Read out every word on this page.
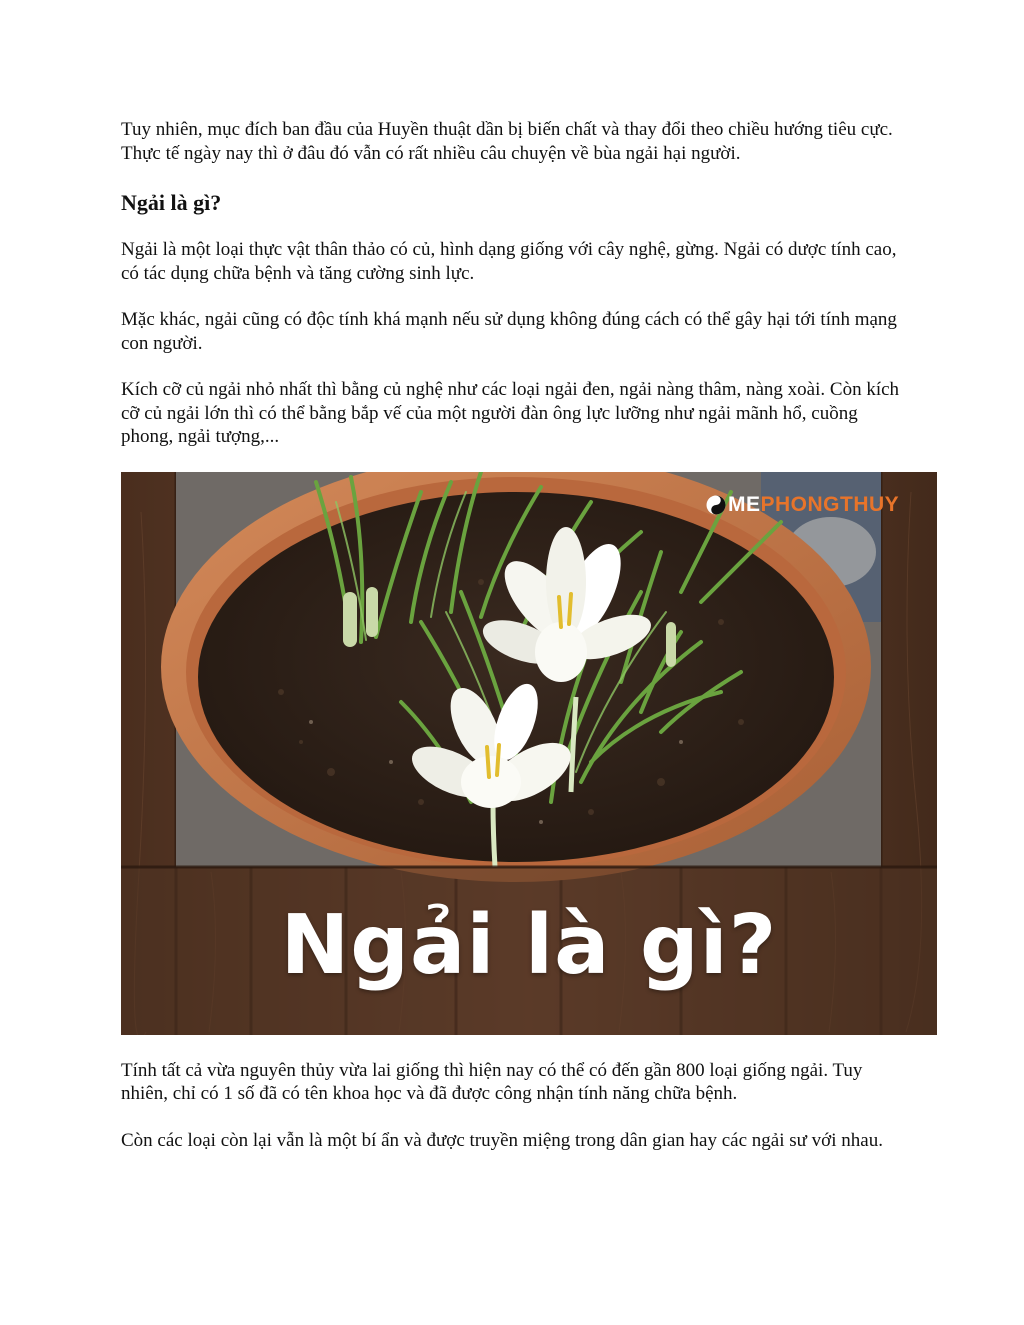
Tuy nhiên, mục đích ban đầu của Huyền thuật dần bị biến chất và thay đổi theo chiều hướng tiêu cực. Thực tế ngày nay thì ở đâu đó vẫn có rất nhiều câu chuyện về bùa ngải hại người.

Ngải là gì?

Ngải là một loại thực vật thân thảo có củ, hình dạng giống với cây nghệ, gừng. Ngải có dược tính cao, có tác dụng chữa bệnh và tăng cường sinh lực.

Mặc khác, ngải cũng có độc tính khá mạnh nếu sử dụng không đúng cách có thể gây hại tới tính mạng con người.

Kích cỡ củ ngải nhỏ nhất thì bằng củ nghệ như các loại ngải đen, ngải nàng thâm, nàng xoài. Còn kích cỡ củ ngải lớn thì có thể bằng bắp vế của một người đàn ông lực lưỡng như ngải mãnh hổ, cuồng phong, ngải tượng,...

ME PHONGTHUY
Ngải là gì?

Tính tất cả vừa nguyên thủy vừa lai giống thì hiện nay có thể có đến gần 800 loại giống ngải. Tuy nhiên, chỉ có 1 số đã có tên khoa học và đã được công nhận tính năng chữa bệnh.

Còn các loại còn lại vẫn là một bí ẩn và được truyền miệng trong dân gian hay các ngải sư với nhau.
